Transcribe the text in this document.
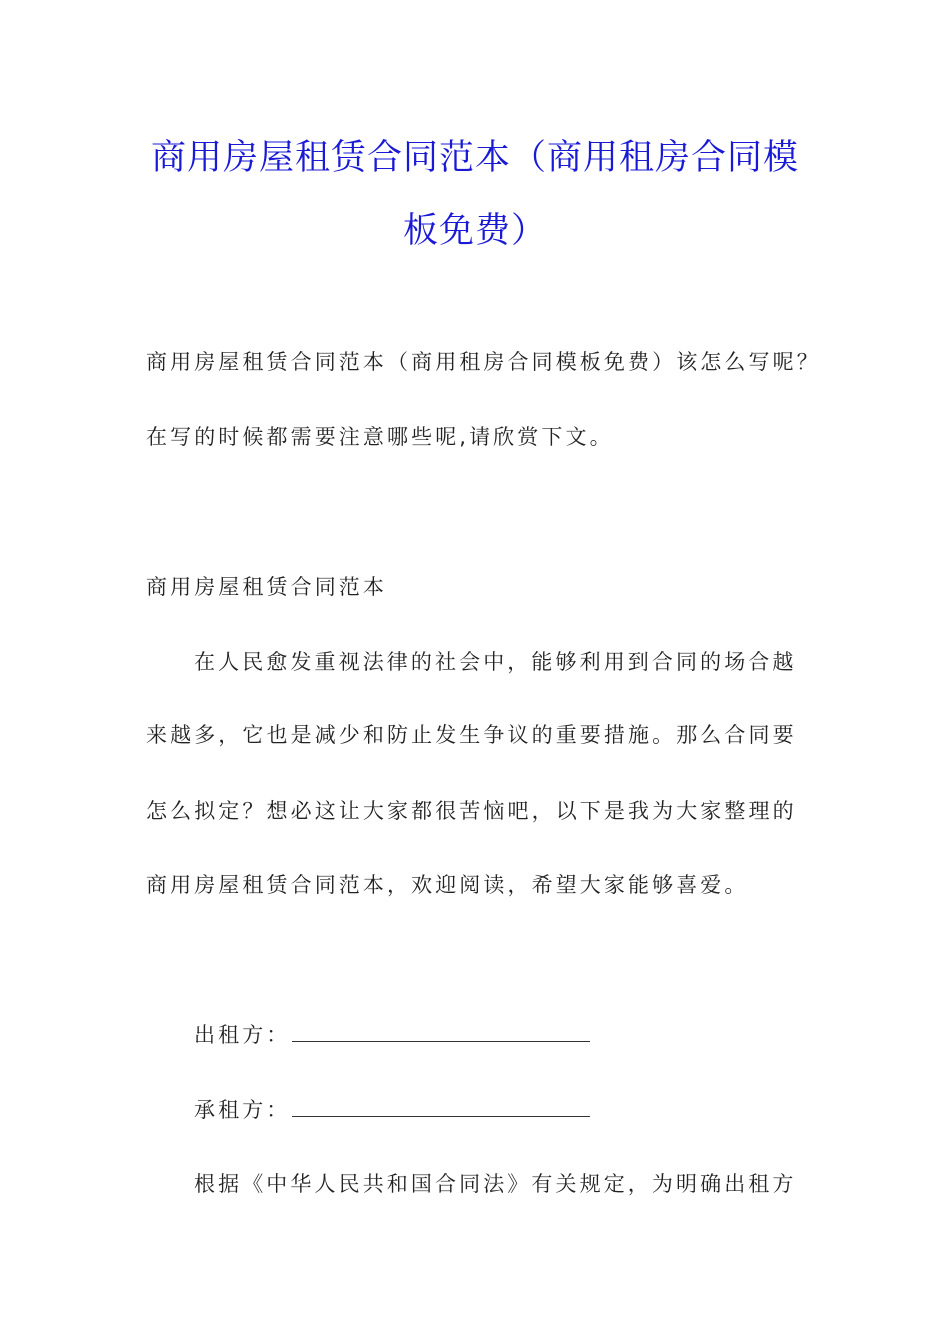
商用房屋租赁合同范本（商用租房合同模
板免费）
商用房屋租赁合同范本（商用租房合同模板免费）该怎么写呢？
在写的时候都需要注意哪些呢,请欣赏下文。
商用房屋租赁合同范本
在人民愈发重视法律的社会中，能够利用到合同的场合越
来越多，它也是减少和防止发生争议的重要措施。那么合同要
怎么拟定？想必这让大家都很苦恼吧，以下是我为大家整理的
商用房屋租赁合同范本，欢迎阅读，希望大家能够喜爱。
出租方：
承租方：
根据《中华人民共和国合同法》有关规定，为明确出租方
